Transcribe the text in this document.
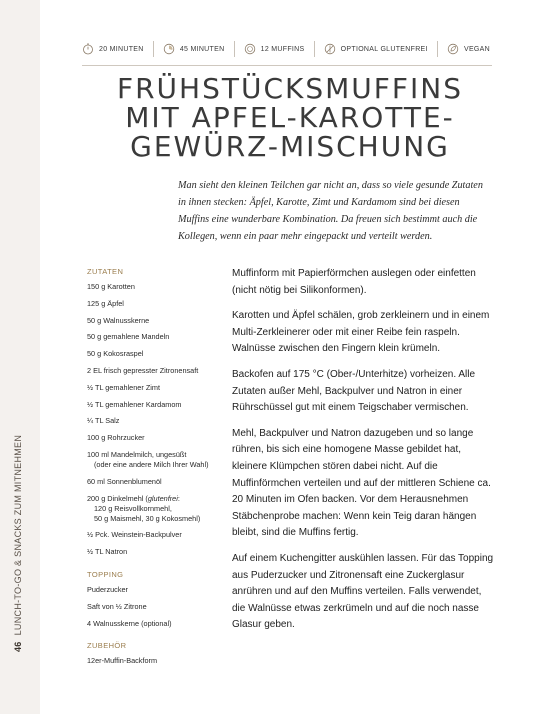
46LUNCH-TO-GO & SNACKS ZUM MITNEHMEN
20 MINUTEN	45 MINUTEN	12 MUFFINS	OPTIONAL GLUTENFREI	VEGAN
FRÜHSTÜCKSMUFFINS
MIT APFEL-KAROTTE-
GEWÜRZ-MISCHUNG

Man sieht den kleinen Teilchen gar nicht an, dass so viele gesunde Zutaten in ihnen stecken: Äpfel, Karotte, Zimt und Kardamom sind bei diesen Muffins eine wunderbare Kombination. Da freuen sich bestimmt auch die Kollegen, wenn ein paar mehr eingepackt und verteilt werden.

ZUTATEN
150 g Karotten
125 g Äpfel
50 g Walnusskerne
50 g gemahlene Mandeln
50 g Kokosraspel
2 EL frisch gepresster Zitronensaft
½ TL gemahlener Zimt
½ TL gemahlener Kardamom
¼ TL Salz
100 g Rohrzucker
100 ml Mandelmilch, ungesüßt
(oder eine andere Milch Ihrer Wahl)
60 ml Sonnenblumenöl
200 g Dinkelmehl (glutenfrei:
120 g Reisvollkornmehl,
50 g Maismehl, 30 g Kokosmehl)
½ Pck. Weinstein-Backpulver
½ TL Natron
TOPPING
Puderzucker
Saft von ½ Zitrone
4 Walnusskerne (optional)
ZUBEHÖR
12er-Muffin-Backform

Muffinform mit Papierförmchen auslegen oder einfetten (nicht nötig bei Silikonformen).

Karotten und Äpfel schälen, grob zerkleinern und in einem Multi-Zerkleinerer oder mit einer Reibe fein raspeln. Walnüsse zwischen den Fingern klein krümeln.

Backofen auf 175 °C (Ober-/Unterhitze) vorheizen. Alle Zutaten außer Mehl, Backpulver und Natron in einer Rührschüssel gut mit einem Teigschaber vermischen.

Mehl, Backpulver und Natron dazugeben und so lange rühren, bis sich eine homogene Masse gebildet hat, kleinere Klümpchen stören dabei nicht. Auf die Muffinförmchen verteilen und auf der mittleren Schiene ca. 20 Minuten im Ofen backen. Vor dem Herausnehmen Stäbchenprobe machen: Wenn kein Teig daran hängen bleibt, sind die Muffins fertig.

Auf einem Kuchengitter auskühlen lassen. Für das Topping aus Puderzucker und Zitronensaft eine Zuckerglasur anrühren und auf den Muffins verteilen. Falls verwendet, die Walnüsse etwas zerkrümeln und auf die noch nasse Glasur geben.
